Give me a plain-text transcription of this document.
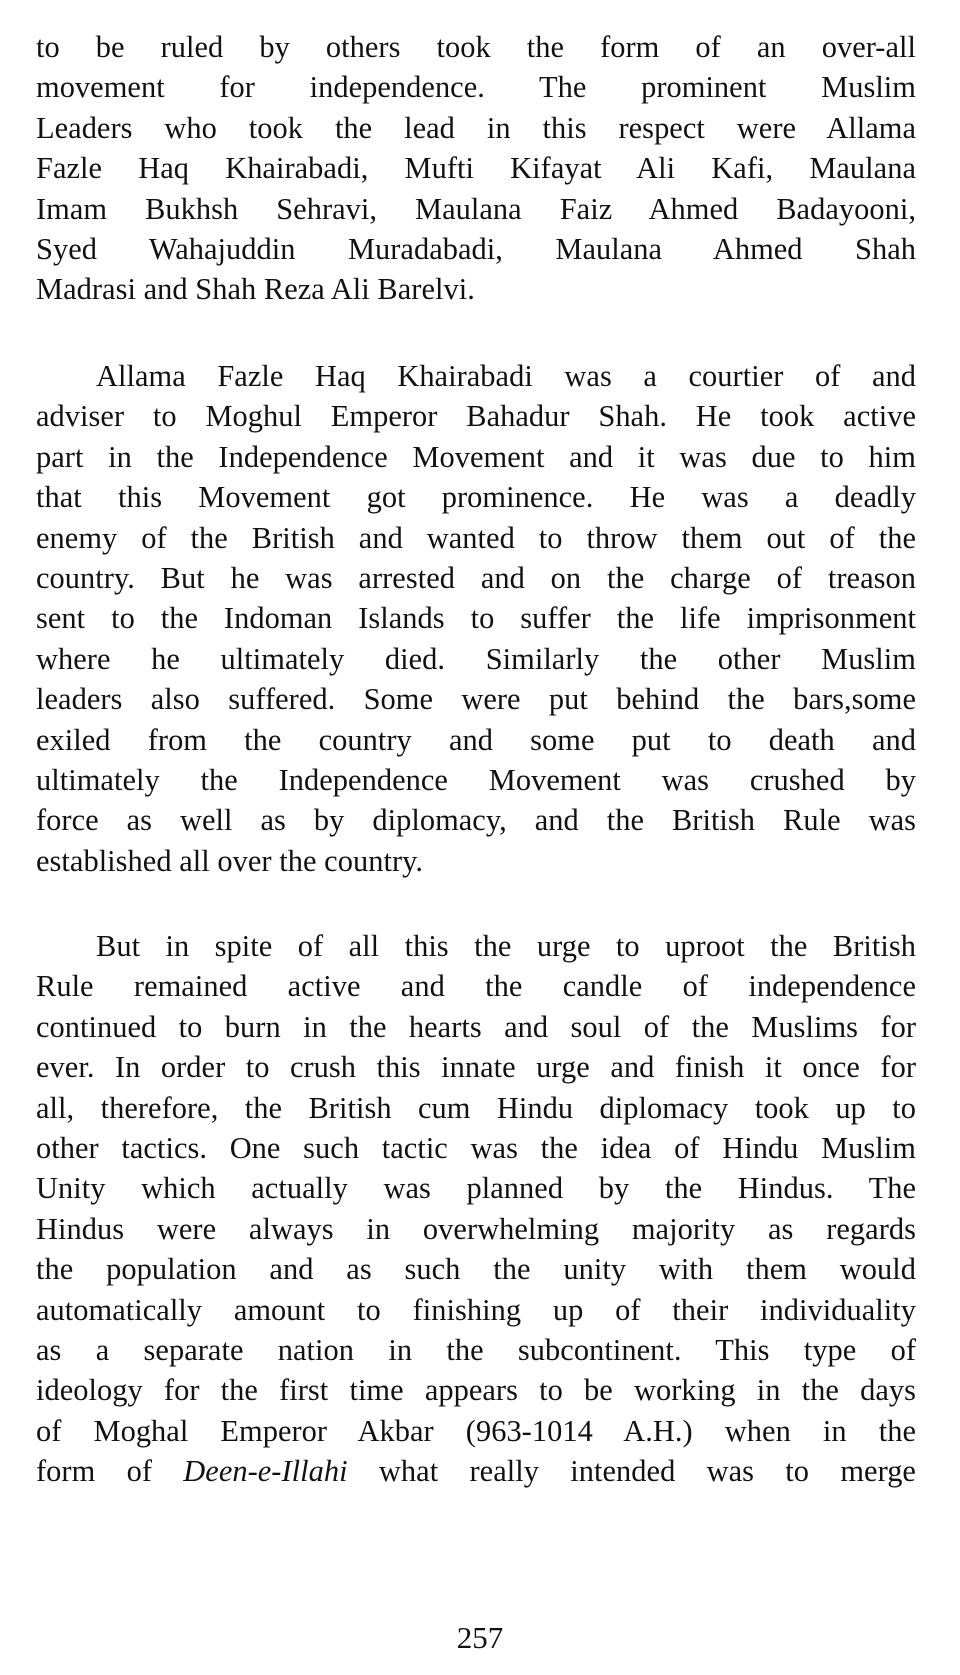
to be ruled by others took the form of an over-all
movement for independence. The prominent Muslim
Leaders who took the lead in this respect were Allama
Fazle Haq Khairabadi, Mufti Kifayat Ali Kafi, Maulana
Imam Bukhsh Sehravi, Maulana Faiz Ahmed Badayooni,
Syed Wahajuddin Muradabadi, Maulana Ahmed Shah
Madrasi and Shah Reza Ali Barelvi.
Allama Fazle Haq Khairabadi was a courtier of and
adviser to Moghul Emperor Bahadur Shah. He took active
part in the Independence Movement and it was due to him
that this Movement got prominence. He was a deadly
enemy of the British and wanted to throw them out of the
country. But he was arrested and on the charge of treason
sent to the Indoman Islands to suffer the life imprisonment
where he ultimately died. Similarly the other Muslim
leaders also suffered. Some were put behind the bars,some
exiled from the country and some put to death and
ultimately the Independence Movement was crushed by
force as well as by diplomacy, and the British Rule was
established all over the country.
But in spite of all this the urge to uproot the British
Rule remained active and the candle of independence
continued to burn in the hearts and soul of the Muslims for
ever. In order to crush this innate urge and finish it once for
all, therefore, the British cum Hindu diplomacy took up to
other tactics. One such tactic was the idea of Hindu Muslim
Unity which actually was planned by the Hindus. The
Hindus were always in overwhelming majority as regards
the population and as such the unity with them would
automatically amount to finishing up of their individuality
as a separate nation in the subcontinent. This type of
ideology for the first time appears to be working in the days
of Moghal Emperor Akbar (963-1014 A.H.) when in the
form of Deen-e-Illahi what really intended was to merge
257
